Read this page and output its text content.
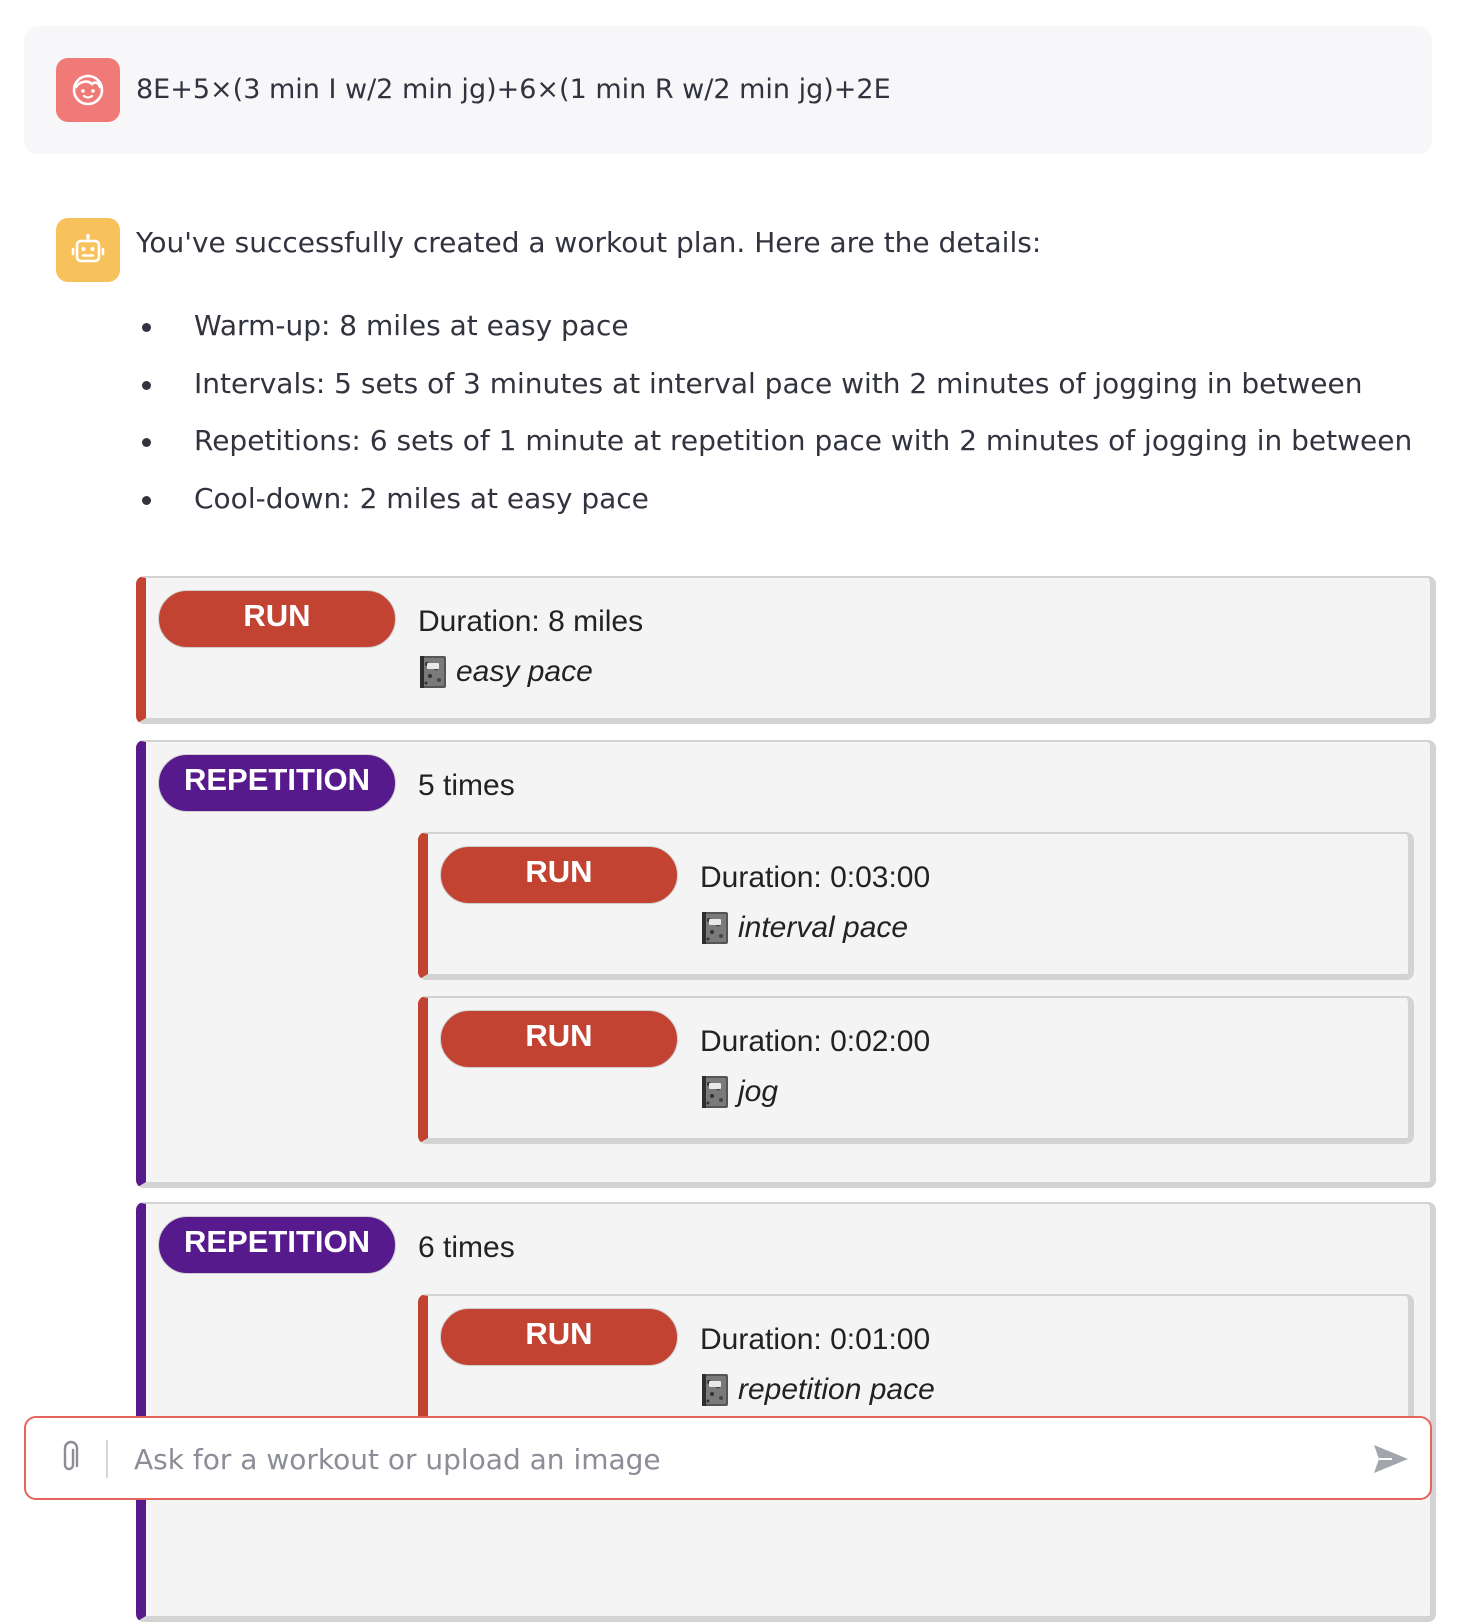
8E+5×(3 min I w/2 min jg)+6×(1 min R w/2 min jg)+2E
You've successfully created a workout plan. Here are the details:
Warm-up: 8 miles at easy pace
Intervals: 5 sets of 3 minutes at interval pace with 2 minutes of jogging in between
Repetitions: 6 sets of 1 minute at repetition pace with 2 minutes of jogging in between
Cool-down: 2 miles at easy pace
RUN	Duration: 8 miles
easy pace
REPETITION	5 times
RUN	Duration: 0:03:00
interval pace
RUN	Duration: 0:02:00
jog
REPETITION	6 times
RUN	Duration: 0:01:00
repetition pace
Ask for a workout or upload an image
